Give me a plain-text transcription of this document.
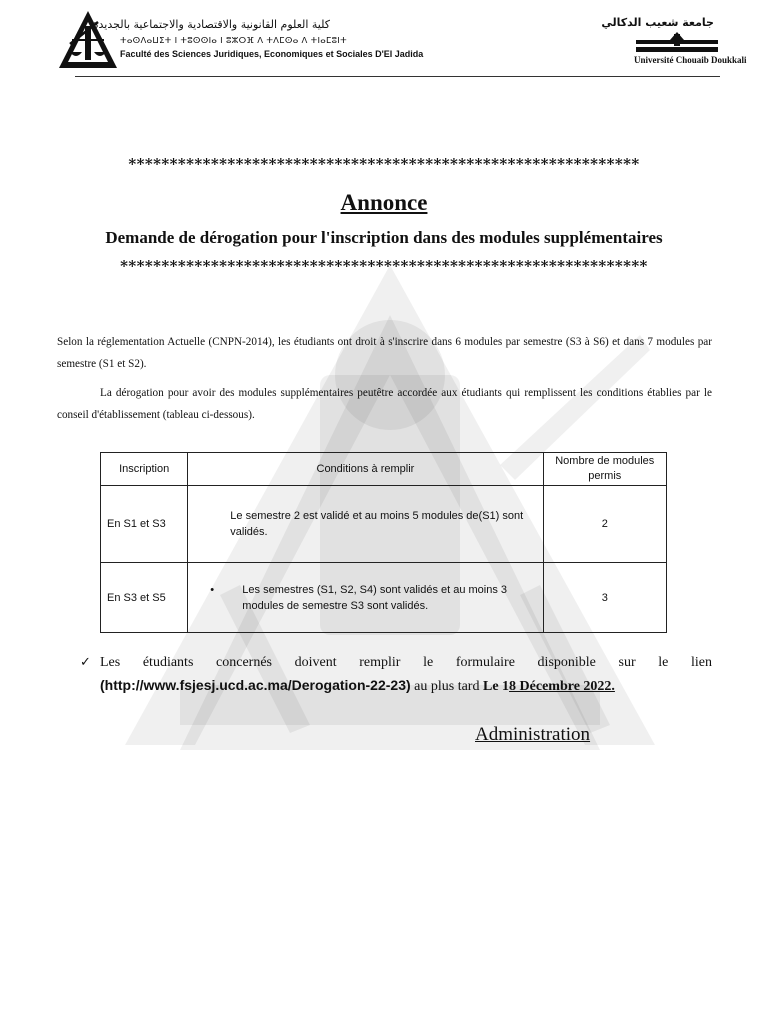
كلية العلوم القانونية والاقتصادية والاجتماعية بالجديدة
ⵜⴰⵙⴷⴰⵡⵉⵜ ⵏ ⵜⵓⵙⵙⵏⴰ ⵏ ⵓⵣⵔⴼ ⴷ ⵜⴷⵎⵙⴰ ⴷ ⵜⵏⴰⵎⵓⵏⵜ
Faculté des Sciences Juridiques, Economiques et Sociales D'El Jadida
جامعة شعيب الدكالي
Université Chouaib Doukkali
**************************************************************
Annonce
Demande de dérogation pour l'inscription dans des modules supplémentaires
****************************************************************
Selon la réglementation Actuelle (CNPN-2014), les étudiants ont droit à s'inscrire dans 6 modules par semestre (S3 à S6) et dans 7 modules par semestre (S1 et S2).
La dérogation pour avoir des modules supplémentaires peutêtre accordée aux étudiants qui remplissent les conditions établies par le conseil d'établissement (tableau ci-dessous).
Inscription	Conditions à remplir	Nombre de modules permis
En S1 et S3	Le semestre 2 est validé et au moins 5 modules de(S1) sont validés.	2
En S3 et S5	• Les semestres (S1, S2, S4) sont validés et au moins 3 modules de semestre S3 sont validés.	3
✓ Les étudiants concernés doivent remplir le formulaire disponible sur le lien (http://www.fsjesj.ucd.ac.ma/Derogation-22-23) au plus tard Le 18 Décembre 2022.
Administration
